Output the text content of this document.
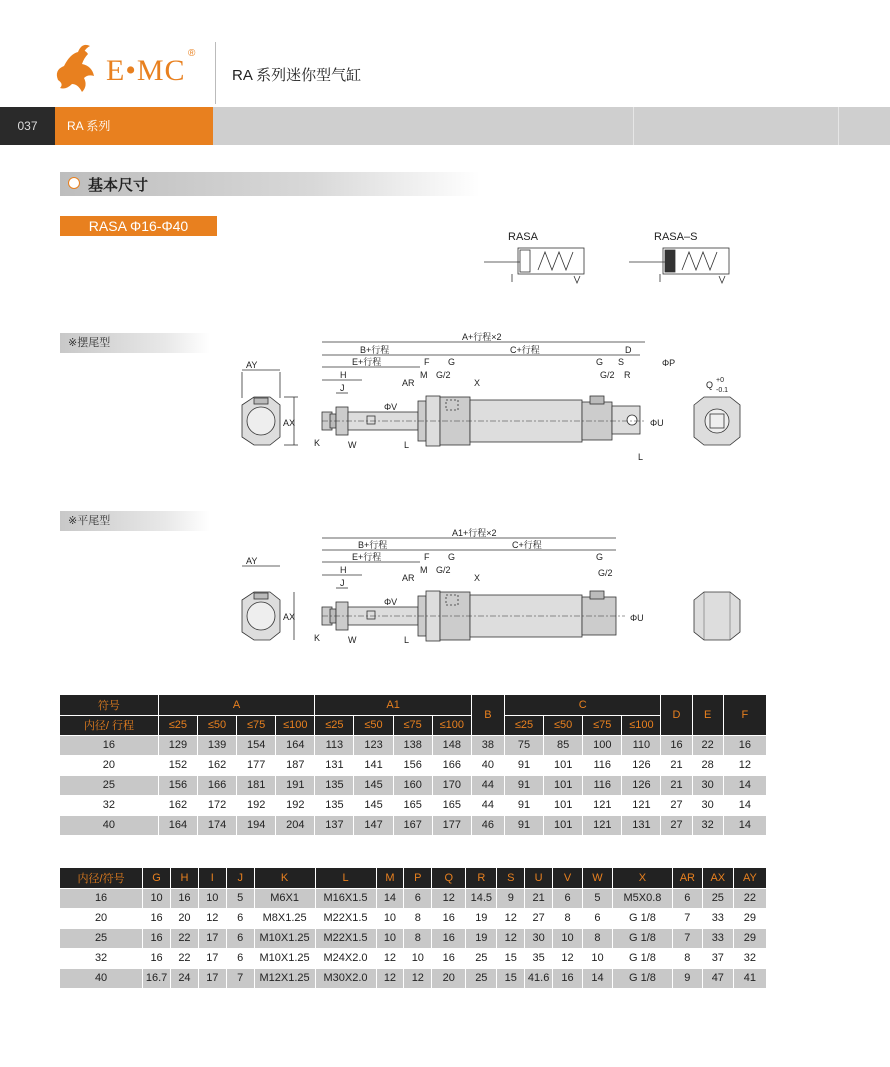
E•MC
®
RA 系列迷你型气缸
037	RA 系列
基本尺寸
RASA Φ16-Φ40
※摆尾型
※平尾型
RASA	RASA–S
AY
AX
A+行程×2
B+行程	C+行程	D
E+行程	F G	G S
H	M G/2	G/2 R
AR	X
ΦP
J
ΦV
ΦU
K	W	L
L
Q +0
-0.1
AY
AX
A1+行程×2
B+行程	C+行程
E+行程	F G	G
H	M G/2	G/2
AR	X
J
ΦV
ΦU
K	W	L
符号	A				A1				B	C				D	E	F
内径/ 行程	≤25	≤50	≤75	≤100	≤25	≤50	≤75	≤100		≤25	≤50	≤75	≤100			
16	129	139	154	164	113	123	138	148	38	75	85	100	110	16	22	16
20	152	162	177	187	131	141	156	166	40	91	101	116	126	21	28	12
25	156	166	181	191	135	145	160	170	44	91	101	116	126	21	30	14
32	162	172	192	192	135	145	165	165	44	91	101	121	121	27	30	14
40	164	174	194	204	137	147	167	177	46	91	101	121	131	27	32	14
内径/符号	G	H	I	J	K	L	M	P	Q	R	S	U	V	W	X	AR	AX	AY
16	10	16	10	5	M6X1	M16X1.5	14	6	12	14.5	9	21	6	5	M5X0.8	6	25	22
20	16	20	12	6	M8X1.25	M22X1.5	10	8	16	19	12	27	8	6	G 1/8	7	33	29
25	16	22	17	6	M10X1.25	M22X1.5	10	8	16	19	12	30	10	8	G 1/8	7	33	29
32	16	22	17	6	M10X1.25	M24X2.0	12	10	16	25	15	35	12	10	G 1/8	8	37	32
40	16.7	24	17	7	M12X1.25	M30X2.0	12	12	20	25	15	41.6	16	14	G 1/8	9	47	41
